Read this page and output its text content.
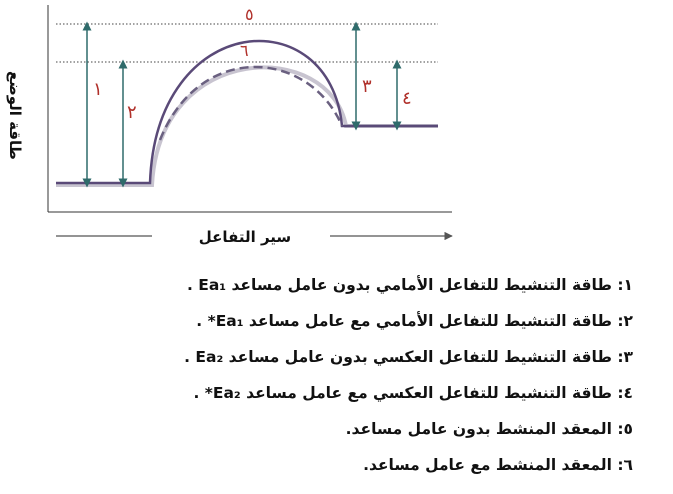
١
٢
٣
٤
٥
٦
طاقة الوضع
سير التفاعل
١: طاقة التنشيط للتفاعل الأمامي بدون عامل مساعد Ea₁ .
٢: طاقة التنشيط للتفاعل الأمامي مع عامل مساعد Ea₁* .
٣: طاقة التنشيط للتفاعل العكسي بدون عامل مساعد Ea₂ .
٤: طاقة التنشيط للتفاعل العكسي مع عامل مساعد Ea₂* .
٥: المعقد المنشط بدون عامل مساعد.
٦: المعقد المنشط مع عامل مساعد.
